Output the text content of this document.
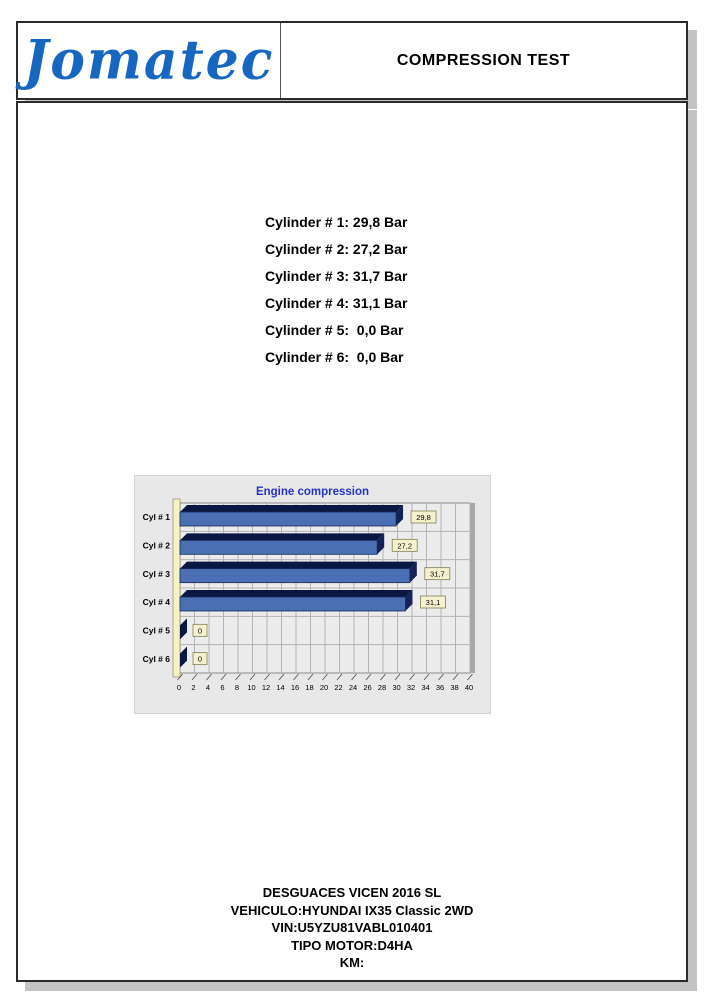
Jomatec	COMPRESSION TEST
Cylinder # 1: 29,8 Bar
Cylinder # 2: 27,2 Bar
Cylinder # 3: 31,7 Bar
Cylinder # 4: 31,1 Bar
Cylinder # 5:  0,0 Bar
Cylinder # 6:  0,0 Bar
Engine compression
29,8
Cyl # 1
27,2
Cyl # 2
31,7
Cyl # 3
31,1
Cyl # 4
0
Cyl # 5
0
Cyl # 6
0 2 4 6 8 10 12 14 16 18 20 22 24 26 28 30 32 34 36 38 40
DESGUACES VICEN 2016 SL
VEHICULO:HYUNDAI IX35 Classic 2WD
VIN:U5YZU81VABL010401
TIPO MOTOR:D4HA
KM:
